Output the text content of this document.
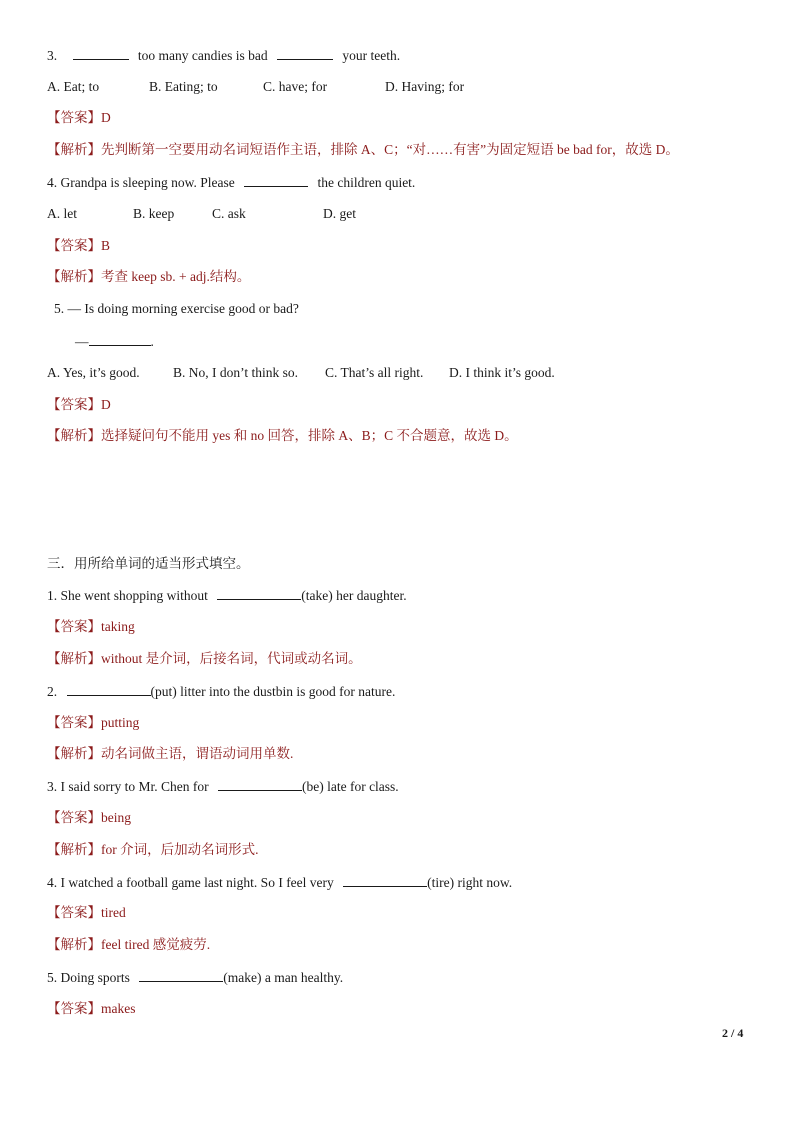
3.	too many candies is bad	your teeth.
A. Eat; to	B. Eating; to	C. have; for	D. Having; for
【答案】D
【解析】先判断第一空要用动名词短语作主语，排除 A、C；“对……有害”为固定短语 be bad for，故选 D。
4. Grandpa is sleeping now. Please	the children quiet.
A. let	B. keep	C. ask	D. get
【答案】B
【解析】考查 keep sb. + adj.结构。
5. — Is doing morning exercise good or bad?
—	.
A. Yes, it’s good. B. No, I don’t think so. C. That’s all right. D. I think it’s good.
【答案】D
【解析】选择疑问句不能用 yes 和 no 回答，排除 A、B；C 不合题意，故选 D。
三．用所给单词的适当形式填空。
1. She went shopping without	(take) her daughter.
【答案】taking
【解析】without 是介词，后接名词，代词或动名词。
2.	(put) litter into the dustbin is good for nature.
【答案】putting
【解析】动名词做主语，谓语动词用单数.
3. I said sorry to Mr. Chen for	(be) late for class.
【答案】being
【解析】for 介词，后加动名词形式.
4. I watched a football game last night. So I feel very	(tire) right now.
【答案】tired
【解析】feel tired 感觉疲劳.
5. Doing sports	(make) a man healthy.
【答案】makes
2 / 4
